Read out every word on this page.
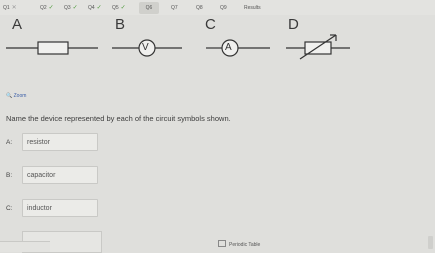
Q1 ✕	Q2 ✓	Q3 ✓	Q4 ✓	Q5 ✓	Q6	Q7	Q8	Q9	Results
A	B
V
C
A
D
🔍 Zoom
Name the device represented by each of the circuit symbols shown.
A:	resistor
B:	capacitor
C:	inductor
Periodic Table
